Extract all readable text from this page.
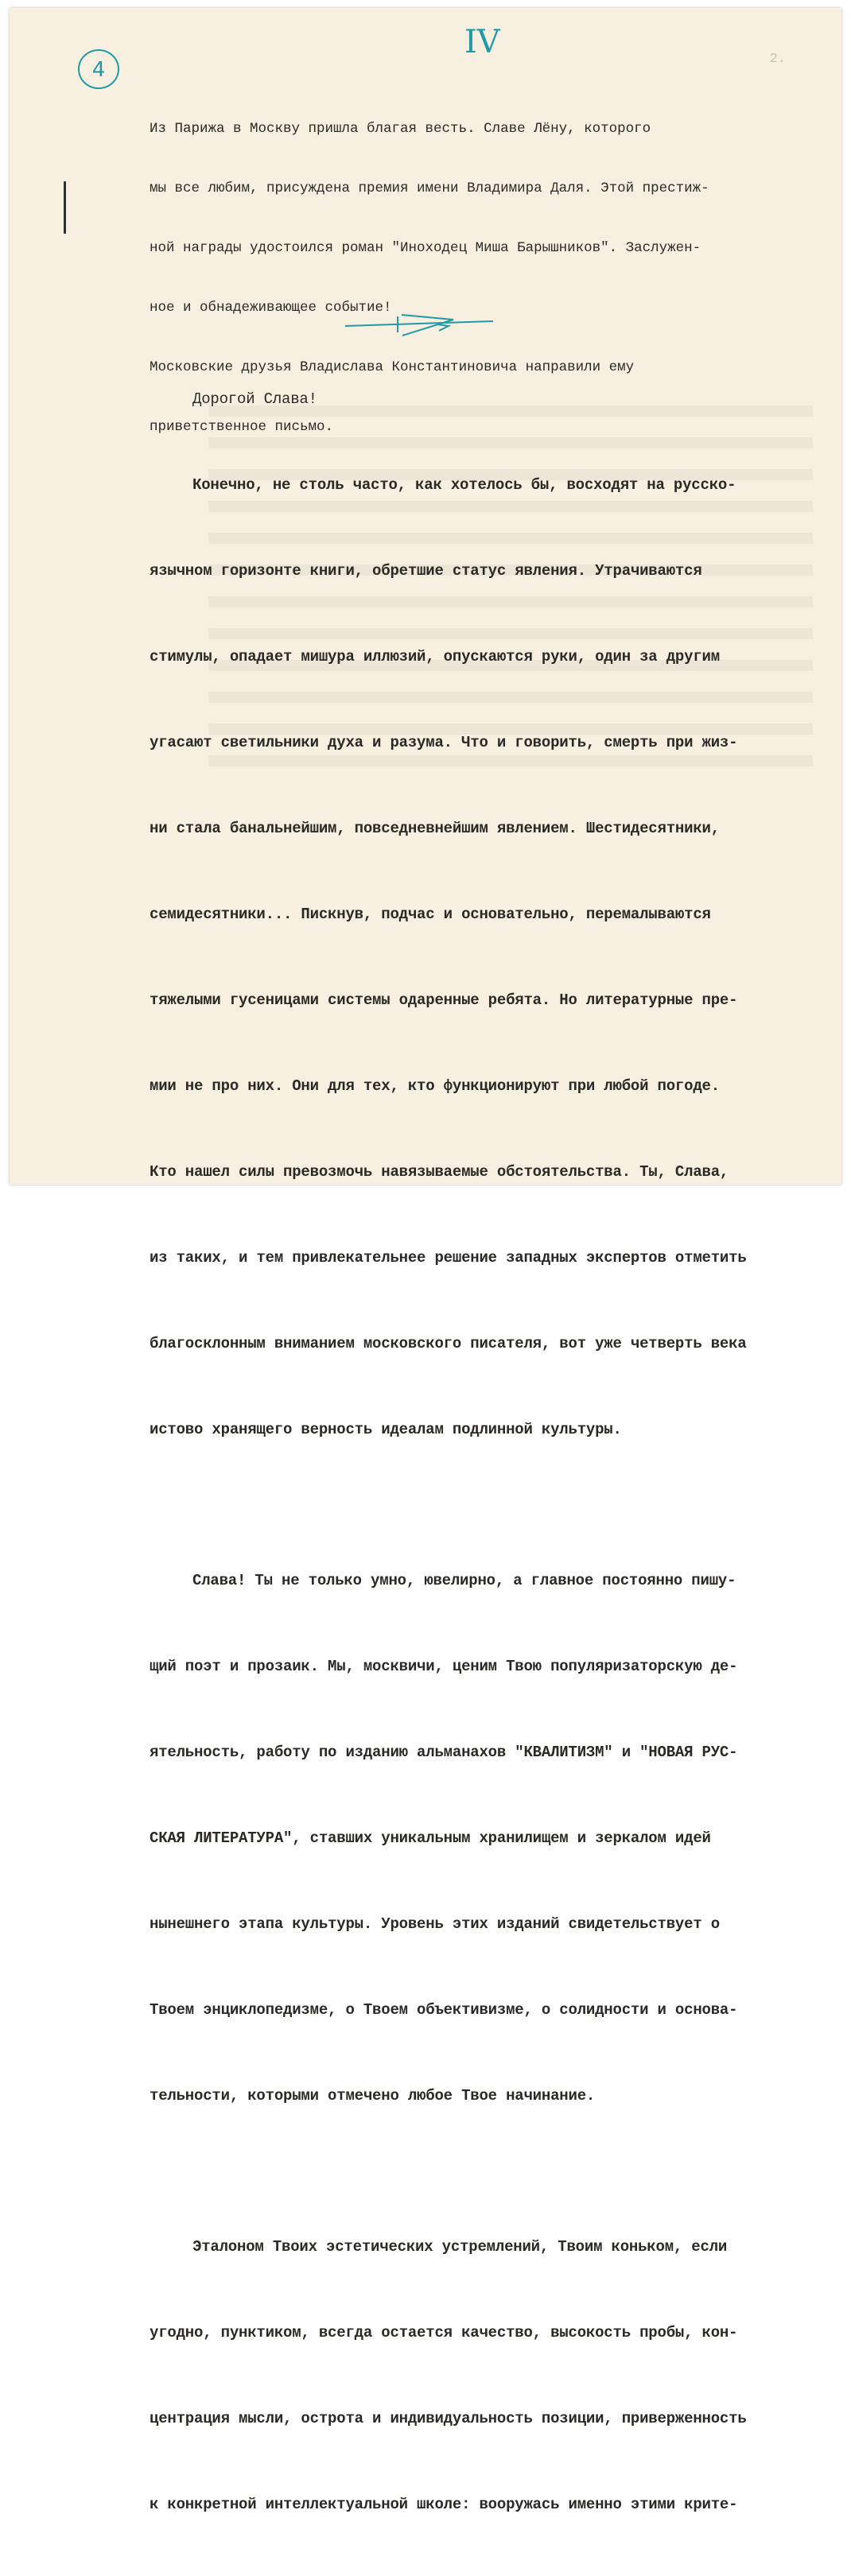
4
IV	2.

Из Парижа в Москву пришла благая весть. Славе Лёну, которого

мы все любим, присуждена премия имени Владимира Даля. Этой престиж-

ной награды удостоился роман "Иноходец Миша Барышников". Заслужен-

ное и обнадеживающее событие!

Московские друзья Владислава Константиновича направили ему

приветственное письмо.

Дорогой Слава!

Конечно, не столь часто, как хотелось бы, восходят на русско-

язычном горизонте книги, обретшие статус явления. Утрачиваются

стимулы, опадает мишура иллюзий, опускаются руки, один за другим

угасают светильники духа и разума. Что и говорить, смерть при жиз-

ни стала банальнейшим, повседневнейшим явлением. Шестидесятники,

семидесятники... Пискнув, подчас и основательно, перемалываются

тяжелыми гусеницами системы одаренные ребята. Но литературные пре-

мии не про них. Они для тех, кто функционируют при любой погоде.

Кто нашел силы превозмочь навязываемые обстоятельства. Ты, Слава,

из таких, и тем привлекательнее решение западных экспертов отметить

благосклонным вниманием московского писателя, вот уже четверть века

истово хранящего верность идеалам подлинной культуры.

Слава! Ты не только умно, ювелирно, а главное постоянно пишу-

щий поэт и прозаик. Мы, москвичи, ценим Твою популяризаторскую де-

ятельность, работу по изданию альманахов "КВАЛИТИЗМ" и "НОВАЯ РУС-

СКАЯ ЛИТЕРАТУРА", ставших уникальным хранилищем и зеркалом идей

нынешнего этапа культуры. Уровень этих изданий свидетельствует о

Твоем энциклопедизме, о Твоем объективизме, о солидности и основа-

тельности, которыми отмечено любое Твое начинание.

Эталоном Твоих эстетических устремлений, Твоим коньком, если

угодно, пунктиком, всегда остается качество, высокость пробы, кон-

центрация мысли, острота и индивидуальность позиции, приверженность

к конкретной интеллектуальной школе: вооружась именно этими крите-
